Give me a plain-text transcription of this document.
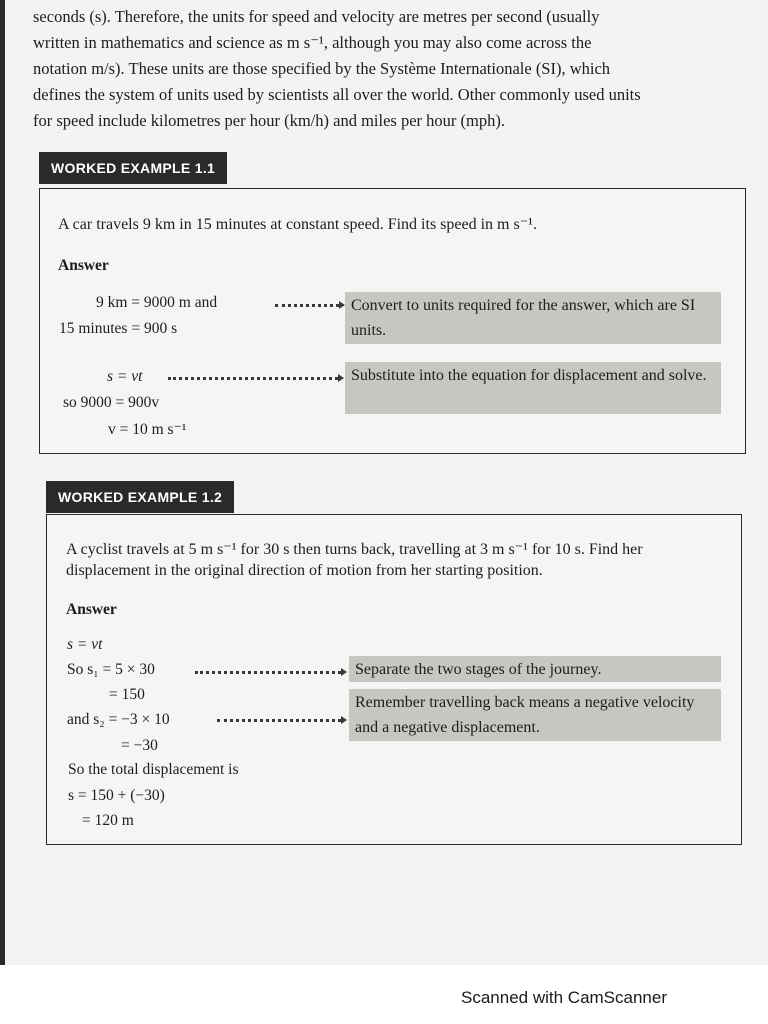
seconds (s). Therefore, the units for speed and velocity are metres per second (usually

written in mathematics and science as m s⁻¹, although you may also come across the

notation m/s). These units are those specified by the Système Internationale (SI), which

defines the system of units used by scientists all over the world. Other commonly used units

for speed include kilometres per hour (km/h) and miles per hour (mph).

WORKED EXAMPLE 1.1
A car travels 9 km in 15 minutes at constant speed. Find its speed in m s⁻¹.
Answer
9 km = 9000 m and
15 minutes = 900 s
s = vt
so 9000 = 900v
v = 10 m s⁻¹
Convert to units required for the answer, which are SI units.
Substitute into the equation for displacement and solve.
WORKED EXAMPLE 1.2
A cyclist travels at 5 m s⁻¹ for 30 s then turns back, travelling at 3 m s⁻¹ for 10 s. Find her displacement in the original direction of motion from her starting position.
Answer
s = vt
So s₁ = 5 × 30
= 150
and s₂ = −3 × 10
= −30
So the total displacement is
s = 150 + (−30)
= 120 m
Separate the two stages of the journey.
Remember travelling back means a negative velocity and a negative displacement.
Scanned with CamScanner
